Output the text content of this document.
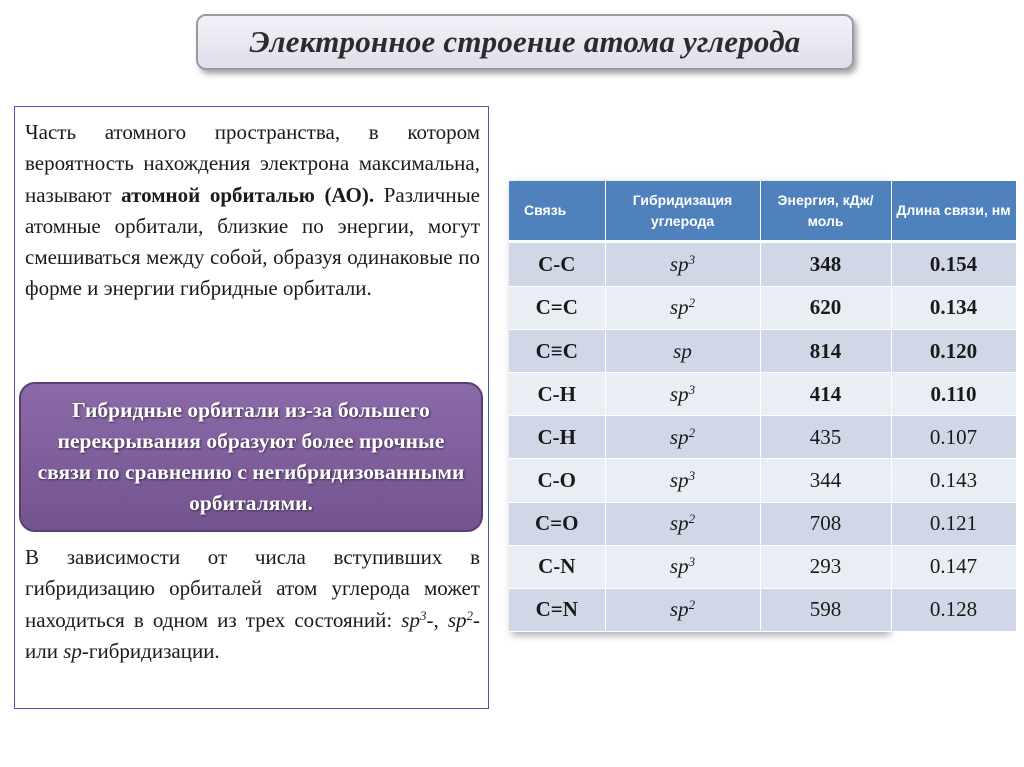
Электронное строение атома углерода
Часть атомного пространства, в котором вероятность нахождения электрона максимальна, называют атомной орбиталью (АО). Различные атомные орбитали, близкие по энергии, могут смешиваться между собой, образуя одинаковые по форме и энергии гибридные орбитали.

Гибридные орбитали из-за большего перекрывания образуют более прочные связи по сравнению с негибридизованными орбиталями.

В зависимости от числа вступивших в гибридизацию орбиталей атом углерода может находиться в одном из трех состояний: $sp^3-$, $sp^2-$ или sp-гибридизации.
Связь	Гибридизация углерода	Энергия, кДж/моль	Длина связи, нм
C-C	$sp^3$	348	0.154
C=C	$sp^2$	620	0.134
C≡C	sp	814	0.120
C-H	$sp^3$	414	0.110
C-H	$sp^2$	435	0.107
C-O	$sp^3$	344	0.143
C=O	$sp^2$	708	0.121
C-N	$sp^3$	293	0.147
C=N	$sp^2$	598	0.128
